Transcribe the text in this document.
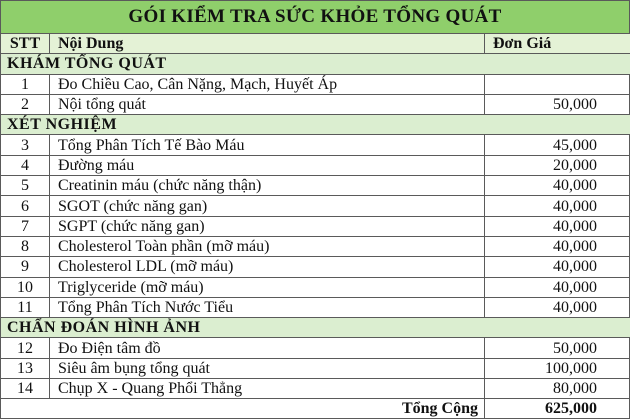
GÓI KIỂM TRA SỨC KHỎE TỔNG QUÁT
STT	Nội Dung	Đơn Giá
KHÁM TỔNG QUÁT		
1	Đo Chiều Cao, Cân Nặng, Mạch, Huyết Áp	
2	Nội tổng quát	50,000
XÉT NGHIỆM		
3	Tổng Phân Tích Tế Bào Máu	45,000
4	Đường máu	20,000
5	Creatinin máu (chức năng thận)	40,000
6	SGOT (chức năng gan)	40,000
7	SGPT (chức năng gan)	40,000
8	Cholesterol Toàn phần (mỡ máu)	40,000
9	Cholesterol LDL (mỡ máu)	40,000
10	Triglyceride (mỡ máu)	40,000
11	Tổng Phân Tích Nước Tiểu	40,000
CHẨN ĐOÁN HÌNH ẢNH		
12	Đo Điện tâm đồ	50,000
13	Siêu âm bụng tổng quát	100,000
14	Chụp X - Quang Phổi Thẳng	80,000
Tổng Cộng		625,000
